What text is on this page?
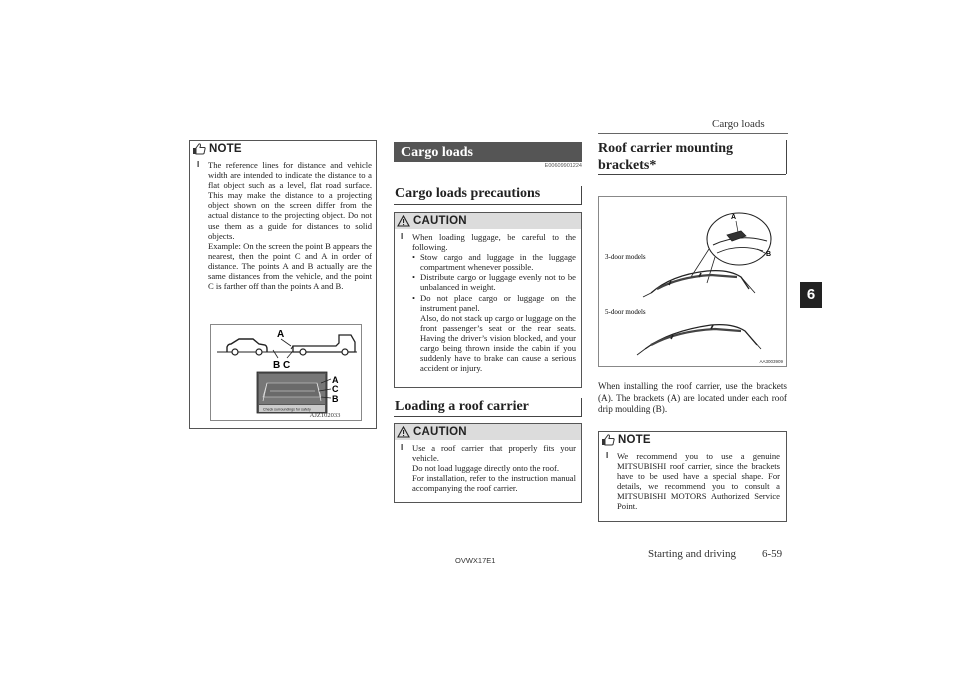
Cargo loads
6
NOTE

l The reference lines for distance and vehicle width are intended to indicate the distance to a flat object such as a level, flat road surface. This may make the distance to a projecting object shown on the screen differ from the actual distance to the projecting object. Do not use them as a guide for distances to solid objects.

Example: On the screen the point B appears the nearest, then the point C and A in order of distance. The points A and B actually are the same distances from the vehicle, and the point C is farther off than the points A and B.

A
B C
Check surroundings for safety
A
C
B
AJZ102033
Cargo loads
E00609901224
Cargo loads precautions
CAUTION

l When loading luggage, be careful to the following.

• Stow cargo and luggage in the luggage compartment whenever possible.

• Distribute cargo or luggage evenly not to be unbalanced in weight.

• Do not place cargo or luggage on the instrument panel.

Also, do not stack up cargo or luggage on the front passenger’s seat or the rear seats. Having the driver’s vision blocked, and your cargo being thrown inside the cabin if you suddenly have to brake can cause a serious accident or injury.

Loading a roof carrier
CAUTION

l Use a roof carrier that properly fits your vehicle.

Do not load luggage directly onto the roof.

For installation, refer to the instruction manual accompanying the roof carrier.

Roof carrier mounting brackets*
A
B
3-door models
5-door models
AA3003909

When installing the roof carrier, use the brackets (A). The brackets (A) are located under each roof drip moulding (B).

NOTE

l We recommend you to use a genuine MITSUBISHI roof carrier, since the brackets have to be used have a special shape. For details, we recommend you to consult a MITSUBISHI MOTORS Authorized Service Point.

OVWX17E1
Starting and driving 6-59
